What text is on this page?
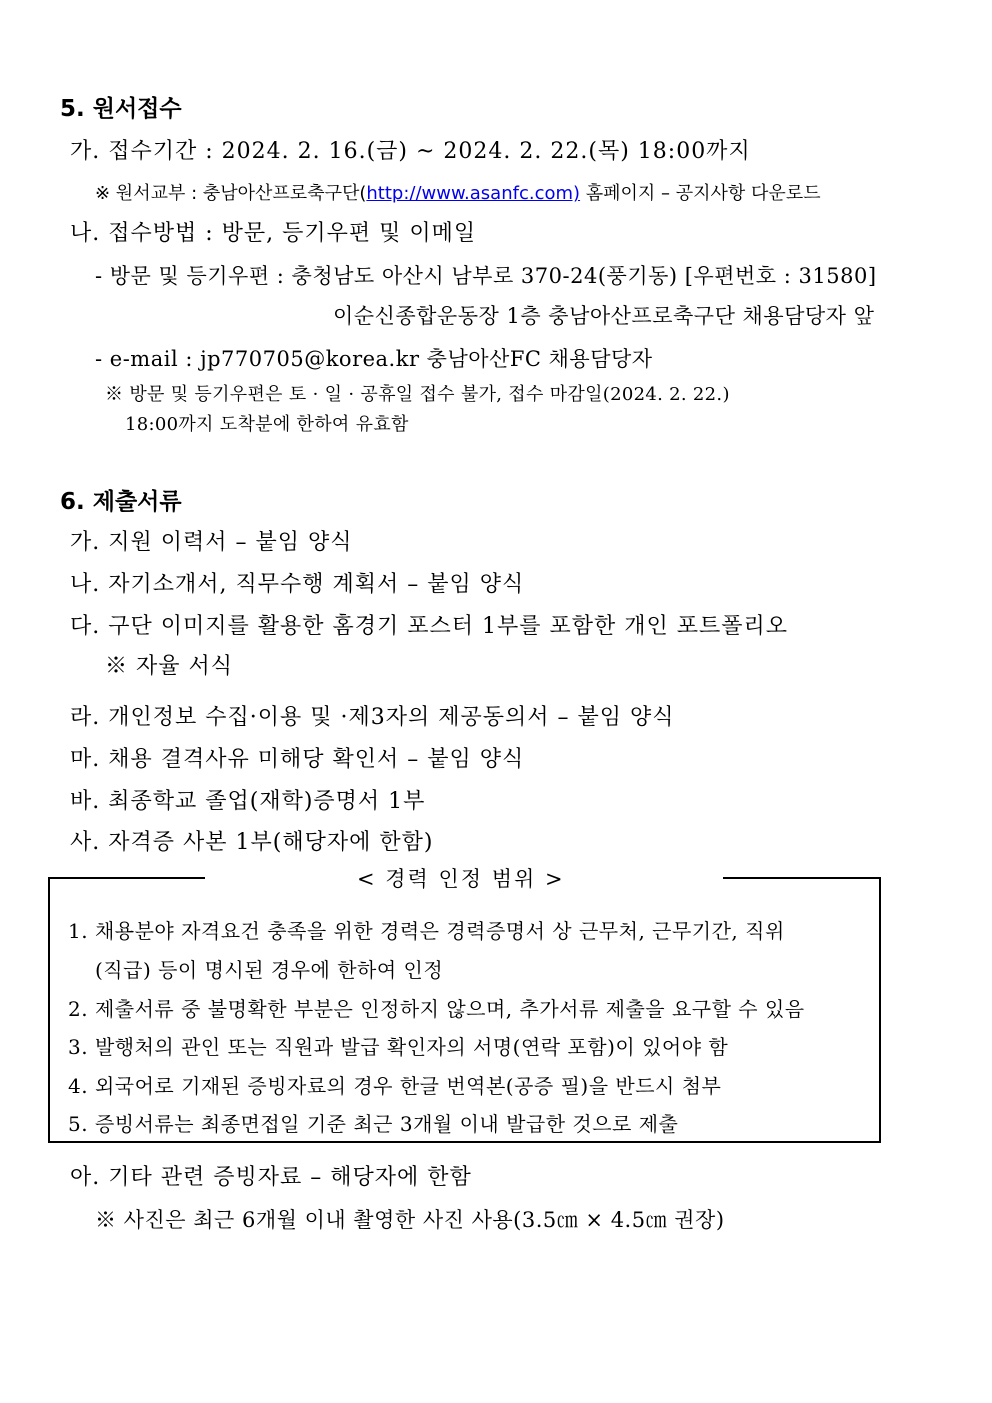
5. 원서접수
가. 접수기간 : 2024. 2. 16.(금) ~ 2024. 2. 22.(목) 18:00까지
※ 원서교부 : 충남아산프로축구단(http://www.asanfc.com) 홈페이지 – 공지사항 다운로드
나. 접수방법 : 방문, 등기우편 및 이메일
- 방문 및 등기우편 : 충청남도 아산시 남부로 370-24(풍기동) [우편번호 : 31580]
이순신종합운동장 1층 충남아산프로축구단 채용담당자 앞
- e-mail : jp770705@korea.kr 충남아산FC 채용담당자
※ 방문 및 등기우편은 토 · 일 · 공휴일 접수 불가, 접수 마감일(2024. 2. 22.)
18:00까지 도착분에 한하여 유효함
6. 제출서류
가. 지원 이력서 – 붙임 양식
나. 자기소개서, 직무수행 계획서 – 붙임 양식
다. 구단 이미지를 활용한 홈경기 포스터 1부를 포함한 개인 포트폴리오
※ 자율 서식
라. 개인정보 수집·이용 및 ·제3자의 제공동의서 – 붙임 양식
마. 채용 결격사유 미해당 확인서 – 붙임 양식
바. 최종학교 졸업(재학)증명서 1부
사. 자격증 사본 1부(해당자에 한함)
< 경력 인정 범위 >
1. 채용분야 자격요건 충족을 위한 경력은 경력증명서 상 근무처, 근무기간, 직위
(직급) 등이 명시된 경우에 한하여 인정
2. 제출서류 중 불명확한 부분은 인정하지 않으며, 추가서류 제출을 요구할 수 있음
3. 발행처의 관인 또는 직원과 발급 확인자의 서명(연락 포함)이 있어야 함
4. 외국어로 기재된 증빙자료의 경우 한글 번역본(공증 필)을 반드시 첨부
5. 증빙서류는 최종면접일 기준 최근 3개월 이내 발급한 것으로 제출
아. 기타 관련 증빙자료 – 해당자에 한함
※ 사진은 최근 6개월 이내 촬영한 사진 사용(3.5㎝ × 4.5㎝ 권장)
